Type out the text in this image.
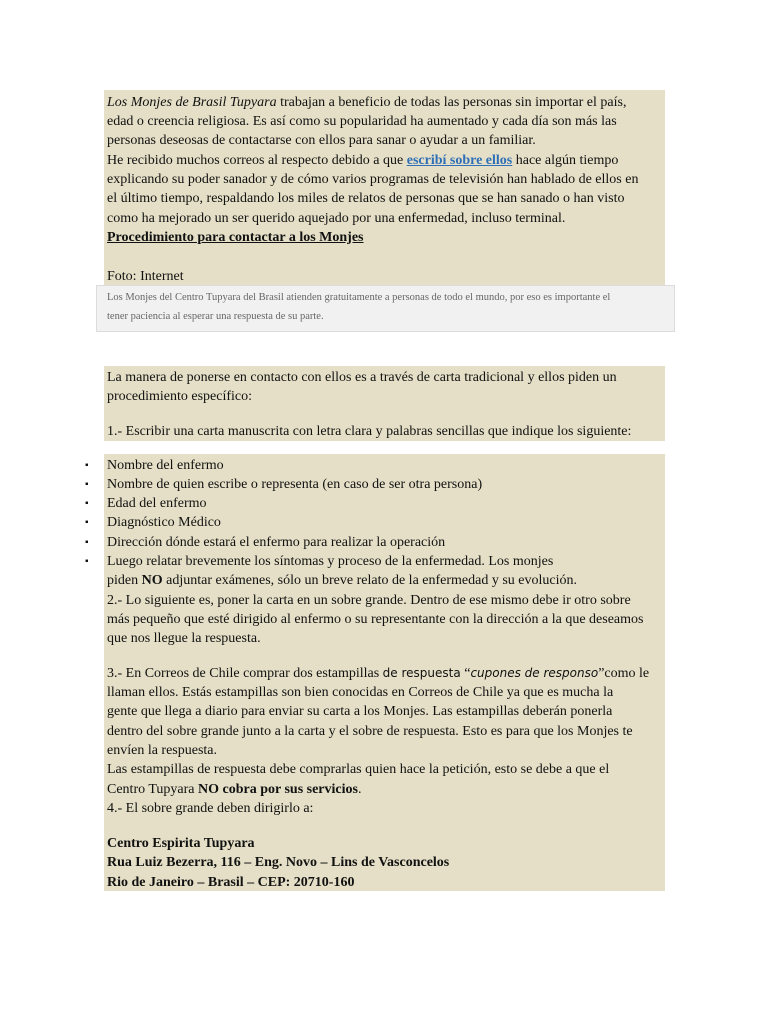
Los Monjes de Brasil Tupyara trabajan a beneficio de todas las personas sin importar el país,
edad o creencia religiosa. Es así como su popularidad ha aumentado y cada día son más las
personas deseosas de contactarse con ellos para sanar o ayudar a un familiar.
He recibido muchos correos al respecto debido a que escribí sobre ellos hace algún tiempo
explicando su poder sanador y de cómo varios programas de televisión han hablado de ellos en
el último tiempo, respaldando los miles de relatos de personas que se han sanado o han visto
como ha mejorado un ser querido aquejado por una enfermedad, incluso terminal.
Procedimiento para contactar a los Monjes
Foto: Internet
Los Monjes del Centro Tupyara del Brasil atienden gratuitamente a personas de todo el mundo, por eso es importante el
tener paciencia al esperar una respuesta de su parte.
La manera de ponerse en contacto con ellos es a través de carta tradicional y ellos piden un
procedimiento específico:
1.- Escribir una carta manuscrita con letra clara y palabras sencillas que indique los siguiente:
▪ Nombre del enfermo
▪ Nombre de quien escribe o representa (en caso de ser otra persona)
▪ Edad del enfermo
▪ Diagnóstico Médico
▪ Dirección dónde estará el enfermo para realizar la operación
▪ Luego relatar brevemente los síntomas y proceso de la enfermedad. Los monjes
piden NO adjuntar exámenes, sólo un breve relato de la enfermedad y su evolución.
2.- Lo siguiente es, poner la carta en un sobre grande. Dentro de ese mismo debe ir otro sobre
más pequeño que esté dirigido al enfermo o su representante con la dirección a la que deseamos
que nos llegue la respuesta.
3.- En Correos de Chile comprar dos estampillas de respuesta “cupones de responso”como le
llaman ellos. Estás estampillas son bien conocidas en Correos de Chile ya que es mucha la
gente que llega a diario para enviar su carta a los Monjes. Las estampillas deberán ponerla
dentro del sobre grande junto a la carta y el sobre de respuesta. Esto es para que los Monjes te
envíen la respuesta.
Las estampillas de respuesta debe comprarlas quien hace la petición, esto se debe a que el
Centro Tupyara NO cobra por sus servicios.
4.- El sobre grande deben dirigirlo a:
Centro Espirita Tupyara
Rua Luiz Bezerra, 116 – Eng. Novo – Lins de Vasconcelos
Rio de Janeiro – Brasil – CEP: 20710-160
